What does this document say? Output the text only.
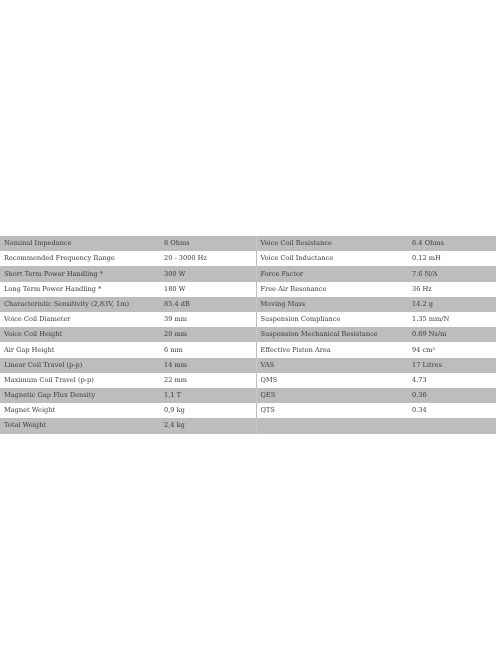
Nominal Impedance	8 Ohms	Voice Coil Resistance	6.4 Ohms
Recommended Frequency Range	20 - 3000 Hz	Voice Coil Inductance	0.12 mH
Short Term Power Handling *	300 W	Force Factor	7.6 N/A
Long Term Power Handling *	180 W	Free Air Resonance	36 Hz
Characteristic Sensitivity (2,83V, 1m)	85.4 dB	Moving Mass	14.2 g
Voice Coil Diameter	39 mm	Suspension Compliance	1.35 mm/N
Voice Coil Height	20 mm	Suspension Mechanical Resistance	0.69 Ns/m
Air Gap Height	6 mm	Effective Piston Area	94 cm²
Linear Coil Travel (p-p)	14 mm	VAS	17 Litres
Maximum Coil Travel (p-p)	22 mm	QMS	4.73
Magnetic Gap Flux Density	1,1 T	QES	0.36
Magnet Weight	0,9 kg	QTS	0.34
Total Weight	2,4 kg		
